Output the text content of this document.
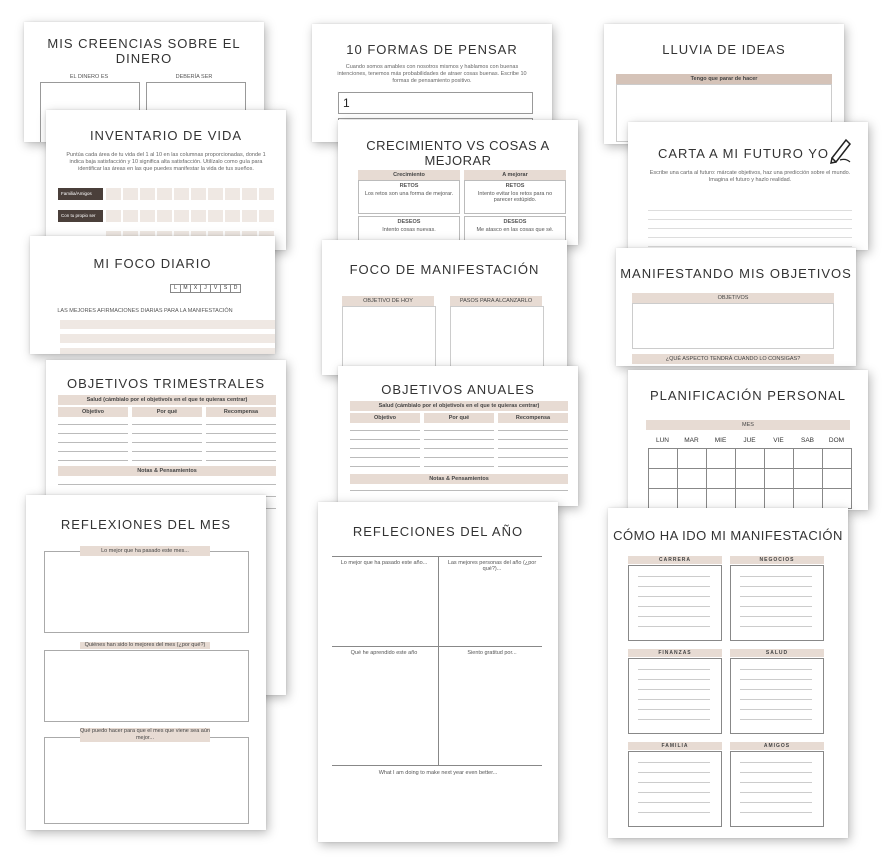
MIS CREENCIAS SOBRE EL DINERO
EL DINERO ES	DEBERÍA SER
INVENTARIO DE VIDA
Puntúa cada área de tu vida del 1 al 10 en las columnas proporcionadas, donde 1 indica baja satisfacción y 10 significa alta satisfacción. Utilízalo como guía para identificar las áreas en las que puedes manifestar la vida de tus sueños.
Familia/Amigos
Con tu propio ser
MI FOCO DIARIO
L	M	X	J	V	S	D
LAS MEJORES AFIRMACIONES DIARIAS PARA LA MANIFESTACIÓN
OBJETIVOS TRIMESTRALES
Salud (cámbialo por el objetivo/s en el que te quieras centrar)
Objetivo	Por qué	Recompensa
Notas & Pensamientos
REFLEXIONES DEL MES
Lo mejor que ha pasado este mes...
Quiénes han sido lo mejores del mes (¿por qué?)
Qué puedo hacer para que el mes que viene sea aún mejor...
10 FORMAS DE PENSAR
Cuando somos amables con nosotros mismos y hablamos con buenas intenciones, tenemos más probabilidades de atraer cosas buenas. Escribe 10 formas de pensamiento positivo.
1
CRECIMIENTO VS COSAS A MEJORAR
Crecimiento	A mejorar
RETOS
Los retos son una forma de mejorar.
RETOS
Intento evitar los retos para no parecer estúpido.
DESEOS
Intento cosas nuevas.
DESEOS
Me atasco en las cosas que sé.
FOCO DE MANIFESTACIÓN
OBJETIVO DE HOY	PASOS PARA ALCANZARLO
OBJETIVOS ANUALES
Salud (cámbialo por el objetivo/s en el que te quieras centrar)
Objetivo	Por qué	Recompensa
Notas & Pensamientos
REFLECIONES DEL AÑO
Lo mejor que ha pasado este año...	Las mejores personas del año (¿por qué?)...
Qué he aprendido este año	Siento gratitud por...
What I am doing to make next year even better...
LLUVIA DE IDEAS
Tengo que parar de hacer
CARTA A MI FUTURO YO
Escribe una carta al futuro: márcate objetivos, haz una predicción sobre el mundo. Imagina el futuro y hazlo realidad.
MANIFESTANDO MIS OBJETIVOS
OBJETIVOS
¿QUÉ ASPECTO TENDRÁ CUANDO LO CONSIGAS?
PLANIFICACIÓN PERSONAL
MES
LUN	MAR	MIE	JUE	VIE	SAB	DOM
CÓMO HA IDO MI MANIFESTACIÓN
CARRERA	NEGOCIOS
FINANZAS	SALUD
FAMILIA	AMIGOS
